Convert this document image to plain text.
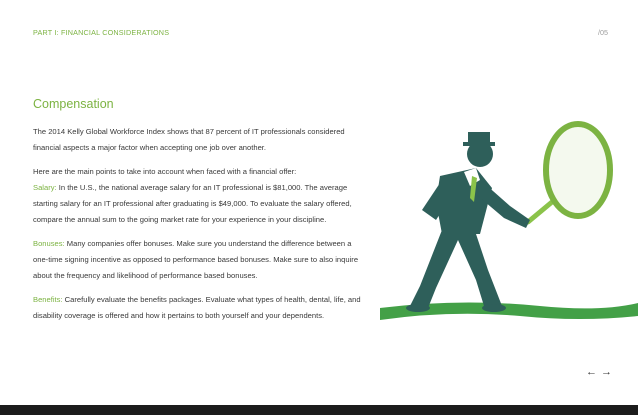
PART I: FINANCIAL CONSIDERATIONS	/05
Compensation

The 2014 Kelly Global Workforce Index shows that 87 percent of IT professionals considered financial aspects a major factor when accepting one job over another.

Here are the main points to take into account when faced with a financial offer:

Salary: In the U.S., the national average salary for an IT professional is $81,000. The average starting salary for an IT professional after graduating is $49,000. To evaluate the salary offered, compare the annual sum to the going market rate for your experience in your discipline.

Bonuses: Many companies offer bonuses. Make sure you understand the difference between a one-time signing incentive as opposed to performance based bonuses. Make sure to also inquire about the frequency and likelihood of performance based bonuses.

Benefits: Carefully evaluate the benefits packages. Evaluate what types of health, dental, life, and disability coverage is offered and how it pertains to both yourself and your dependents.

←→
